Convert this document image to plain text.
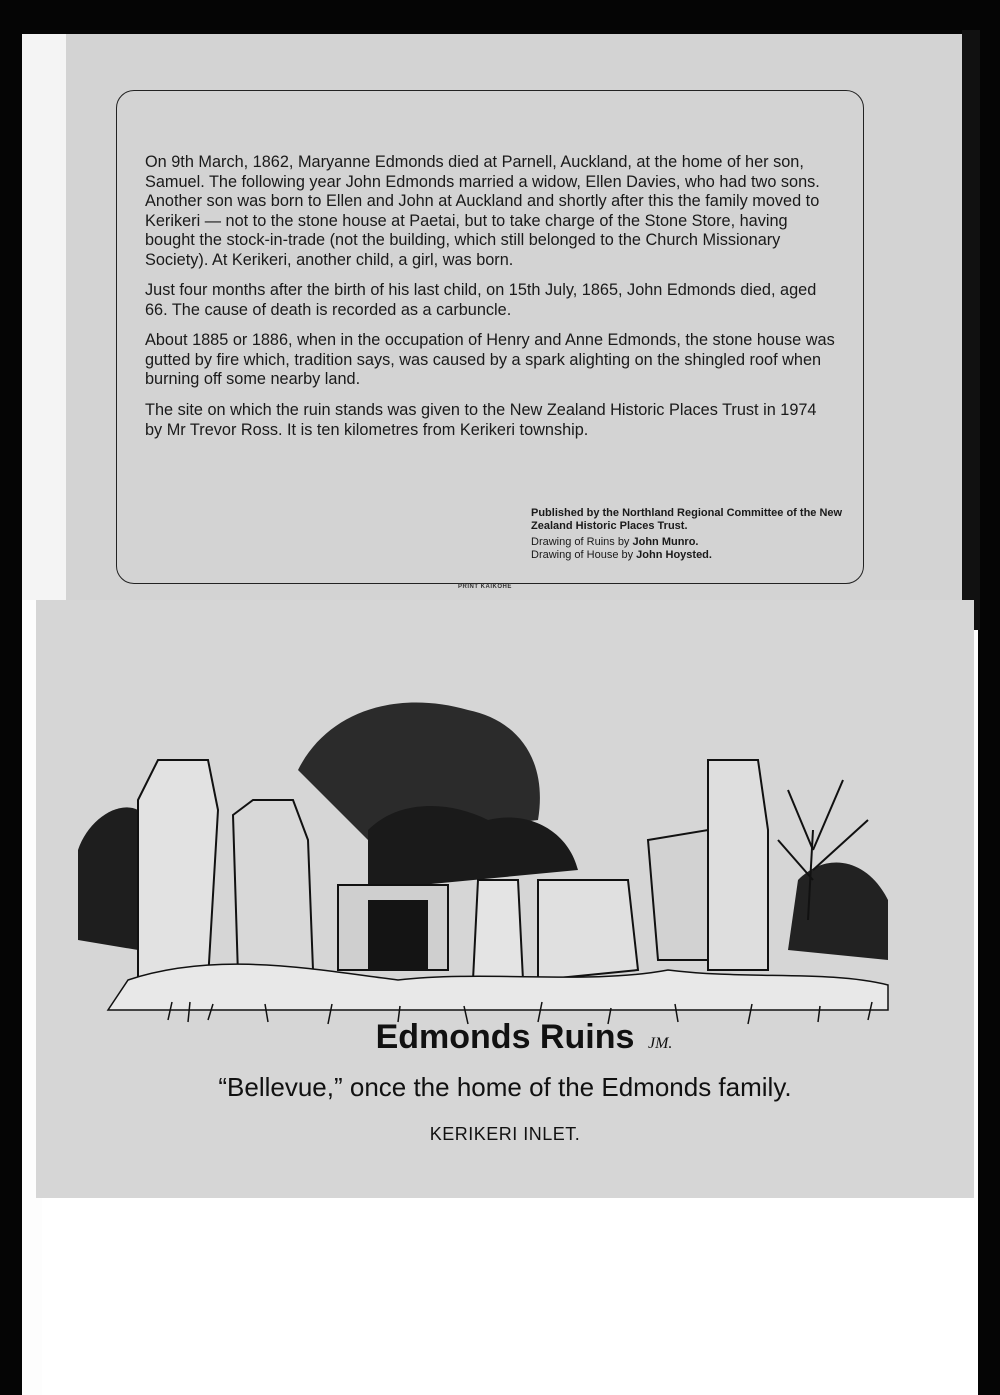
On 9th March, 1862, Maryanne Edmonds died at Parnell, Auckland, at the home of her son, Samuel. The following year John Edmonds married a widow, Ellen Davies, who had two sons. Another son was born to Ellen and John at Auckland and shortly after this the family moved to Kerikeri — not to the stone house at Paetai, but to take charge of the Stone Store, having bought the stock-in-trade (not the building, which still belonged to the Church Missionary Society). At Kerikeri, another child, a girl, was born.

Just four months after the birth of his last child, on 15th July, 1865, John Edmonds died, aged 66. The cause of death is recorded as a carbuncle.

About 1885 or 1886, when in the occupation of Henry and Anne Edmonds, the stone house was gutted by fire which, tradition says, was caused by a spark alighting on the shingled roof when burning off some nearby land.

The site on which the ruin stands was given to the New Zealand Historic Places Trust in 1974 by Mr Trevor Ross. It is ten kilometres from Kerikeri township.

Published by the Northland Regional Committee of the New Zealand Historic Places Trust.

Drawing of Ruins by John Munro.

Drawing of House by John Hoysted.

PRINT KAIKOHE
JM.
Edmonds Ruins

“Bellevue,” once the home of the Edmonds family.

KERIKERI INLET.
